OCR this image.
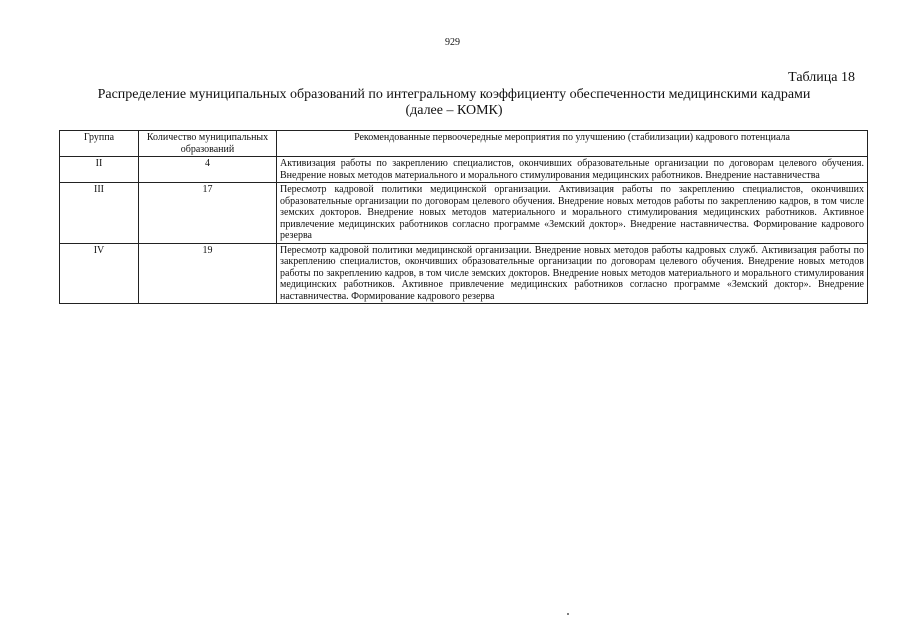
929
Таблица 18
Распределение муниципальных образований по интегральному коэффициенту обеспеченности медицинскими кадрами
(далее – КОМК)
Группа	Количество муниципальных образований	Рекомендованные первоочередные мероприятия по улучшению (стабилизации) кадрового потенциала
II	4	Активизация работы по закреплению специалистов, окончивших образовательные организации по договорам целевого обучения. Внедрение новых методов материального и морального стимулирования медицинских работников. Внедрение наставничества
III	17	Пересмотр кадровой политики медицинской организации. Активизация работы по закреплению специалистов, окончивших образовательные организации по договорам целевого обучения. Внедрение новых методов работы по закреплению кадров, в том числе земских докторов. Внедрение новых методов материального и морального стимулирования медицинских работников. Активное привлечение медицинских работников согласно программе «Земский доктор». Внедрение наставничества. Формирование кадрового резерва
IV	19	Пересмотр кадровой политики медицинской организации. Внедрение новых методов работы кадровых служб. Активизация работы по закреплению специалистов, окончивших образовательные организации по договорам целевого обучения. Внедрение новых методов работы по закреплению кадров, в том числе земских докторов. Внедрение новых методов материального и морального стимулирования медицинских работников. Активное привлечение медицинских работников согласно программе «Земский доктор». Внедрение наставничества. Формирование кадрового резерва
